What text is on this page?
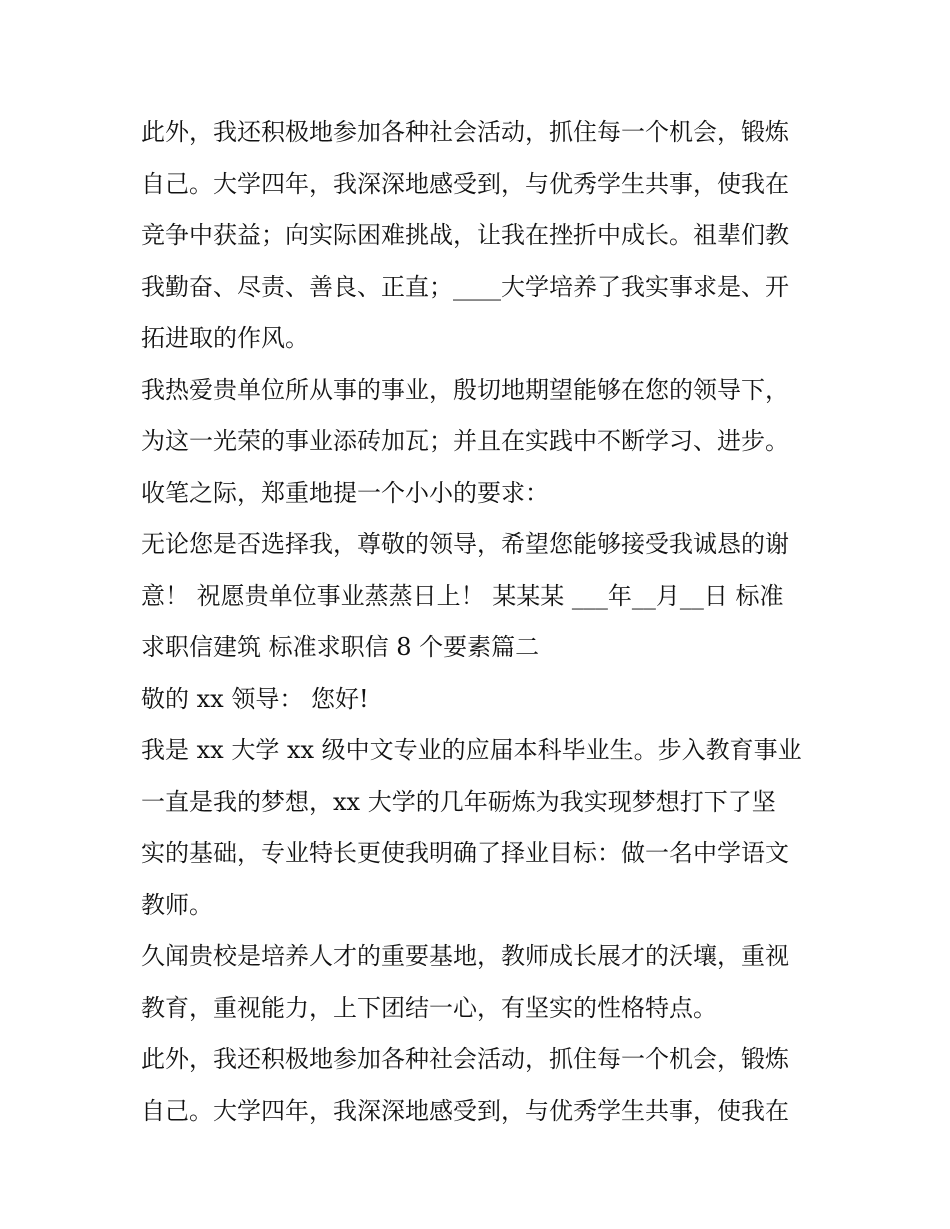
此外，我还积极地参加各种社会活动，抓住每一个机会，锻炼
自己。大学四年，我深深地感受到，与优秀学生共事，使我在
竞争中获益；向实际困难挑战，让我在挫折中成长。祖辈们教
我勤奋、尽责、善良、正直；____大学培养了我实事求是、开
拓进取的作风。
我热爱贵单位所从事的事业，殷切地期望能够在您的领导下，
为这一光荣的事业添砖加瓦；并且在实践中不断学习、进步。
收笔之际，郑重地提一个小小的要求：
无论您是否选择我，尊敬的领导，希望您能够接受我诚恳的谢
意！ 祝愿贵单位事业蒸蒸日上！ 某某某 ___年__月__日 标准
求职信建筑 标准求职信 8 个要素篇二
敬的 xx 领导： 您好!
我是 xx 大学 xx 级中文专业的应届本科毕业生。步入教育事业
一直是我的梦想，xx 大学的几年砺炼为我实现梦想打下了坚
实的基础，专业特长更使我明确了择业目标：做一名中学语文
教师。
久闻贵校是培养人才的重要基地，教师成长展才的沃壤，重视
教育，重视能力，上下团结一心，有坚实的性格特点。
此外，我还积极地参加各种社会活动，抓住每一个机会，锻炼
自己。大学四年，我深深地感受到，与优秀学生共事，使我在
